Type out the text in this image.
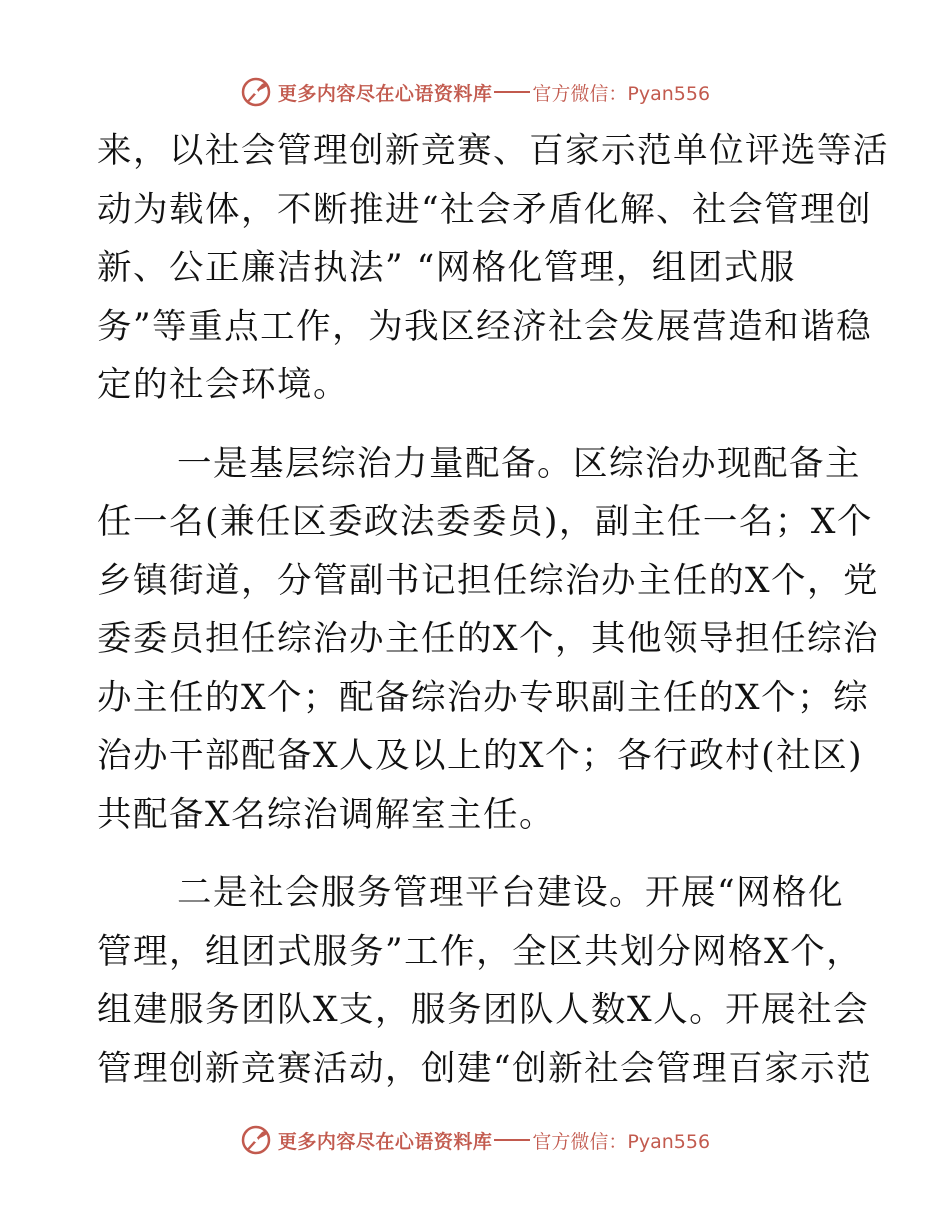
更多内容尽在心语资料库 官方微信：Pyan556
来，以社会管理创新竞赛、百家示范单位评选等活
动为载体，不断推进“社会矛盾化解、社会管理创
新、公正廉洁执法” “网格化管理，组团式服
务”等重点工作，为我区经济社会发展营造和谐稳
定的社会环境。
一是基层综治力量配备。区综治办现配备主
任一名(兼任区委政法委委员)，副主任一名；X个
乡镇街道，分管副书记担任综治办主任的X个，党
委委员担任综治办主任的X个，其他领导担任综治
办主任的X个；配备综治办专职副主任的X个；综
治办干部配备X人及以上的X个；各行政村(社区)
共配备X名综治调解室主任。
二是社会服务管理平台建设。开展“网格化
管理，组团式服务”工作，全区共划分网格X个，
组建服务团队X支，服务团队人数X人。开展社会
管理创新竞赛活动，创建“创新社会管理百家示范
更多内容尽在心语资料库 官方微信：Pyan556
